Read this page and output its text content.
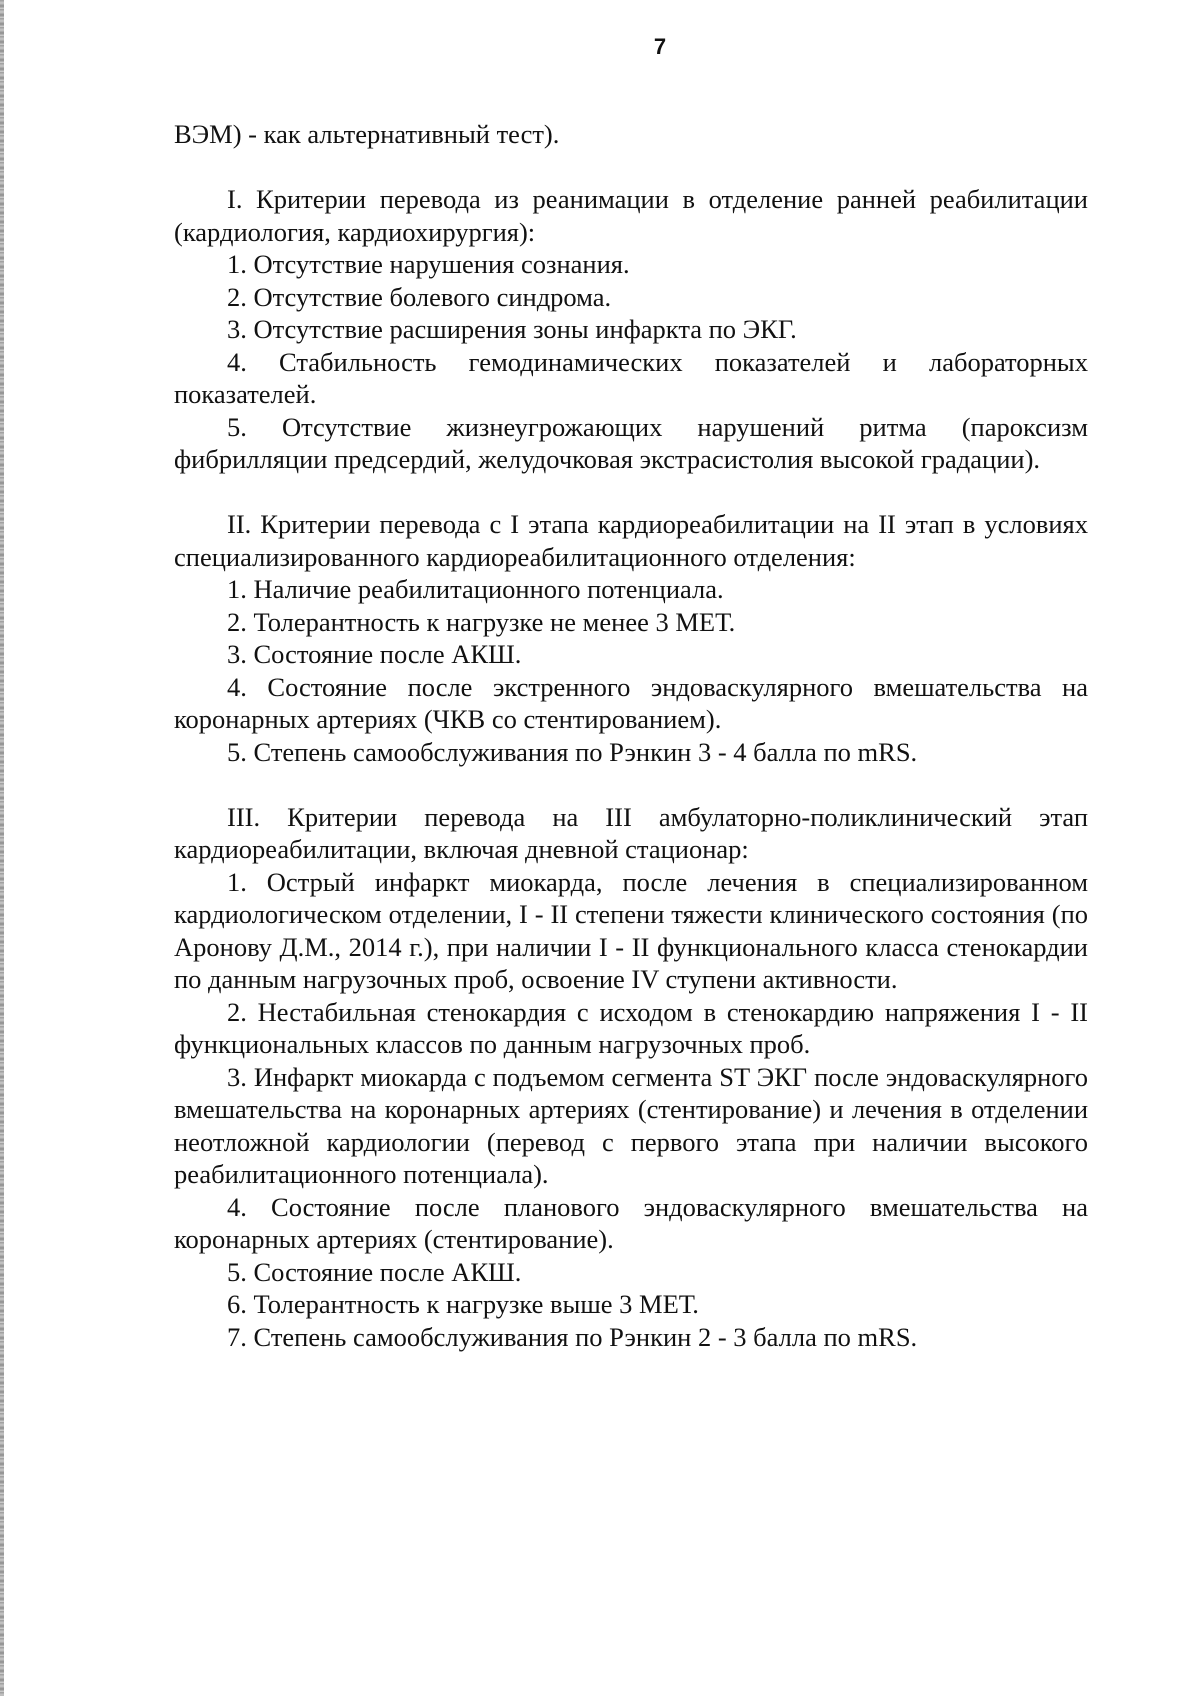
7

ВЭМ) - как альтернативный тест).

I. Критерии перевода из реанимации в отделение ранней реабилитации (кардиология, кардиохирургия):

1. Отсутствие нарушения сознания.

2. Отсутствие болевого синдрома.

3. Отсутствие расширения зоны инфаркта по ЭКГ.

4. Стабильность гемодинамических показателей и лабораторных показателей.

5. Отсутствие жизнеугрожающих нарушений ритма (пароксизм фибрилляции предсердий, желудочковая экстрасистолия высокой градации).

II. Критерии перевода с I этапа кардиореабилитации на II этап в условиях специализированного кардиореабилитационного отделения:

1. Наличие реабилитационного потенциала.

2. Толерантность к нагрузке не менее 3 МЕТ.

3. Состояние после АКШ.

4. Состояние после экстренного эндоваскулярного вмешательства на коронарных артериях (ЧКВ со стентированием).

5. Степень самообслуживания по Рэнкин 3 - 4 балла по mRS.

III. Критерии перевода на III амбулаторно-поликлинический этап кардиореабилитации, включая дневной стационар:

1. Острый инфаркт миокарда, после лечения в специализированном кардиологическом отделении, I - II степени тяжести клинического состояния (по Аронову Д.М., 2014 г.), при наличии I - II функционального класса стенокардии по данным нагрузочных проб, освоение IV ступени активности.

2. Нестабильная стенокардия с исходом в стенокардию напряжения I - II функциональных классов по данным нагрузочных проб.

3. Инфаркт миокарда с подъемом сегмента ST ЭКГ после эндоваскулярного вмешательства на коронарных артериях (стентирование) и лечения в отделении неотложной кардиологии (перевод с первого этапа при наличии высокого реабилитационного потенциала).

4. Состояние после планового эндоваскулярного вмешательства на коронарных артериях (стентирование).

5. Состояние после АКШ.

6. Толерантность к нагрузке выше 3 МЕТ.

7. Степень самообслуживания по Рэнкин 2 - 3 балла по mRS.
